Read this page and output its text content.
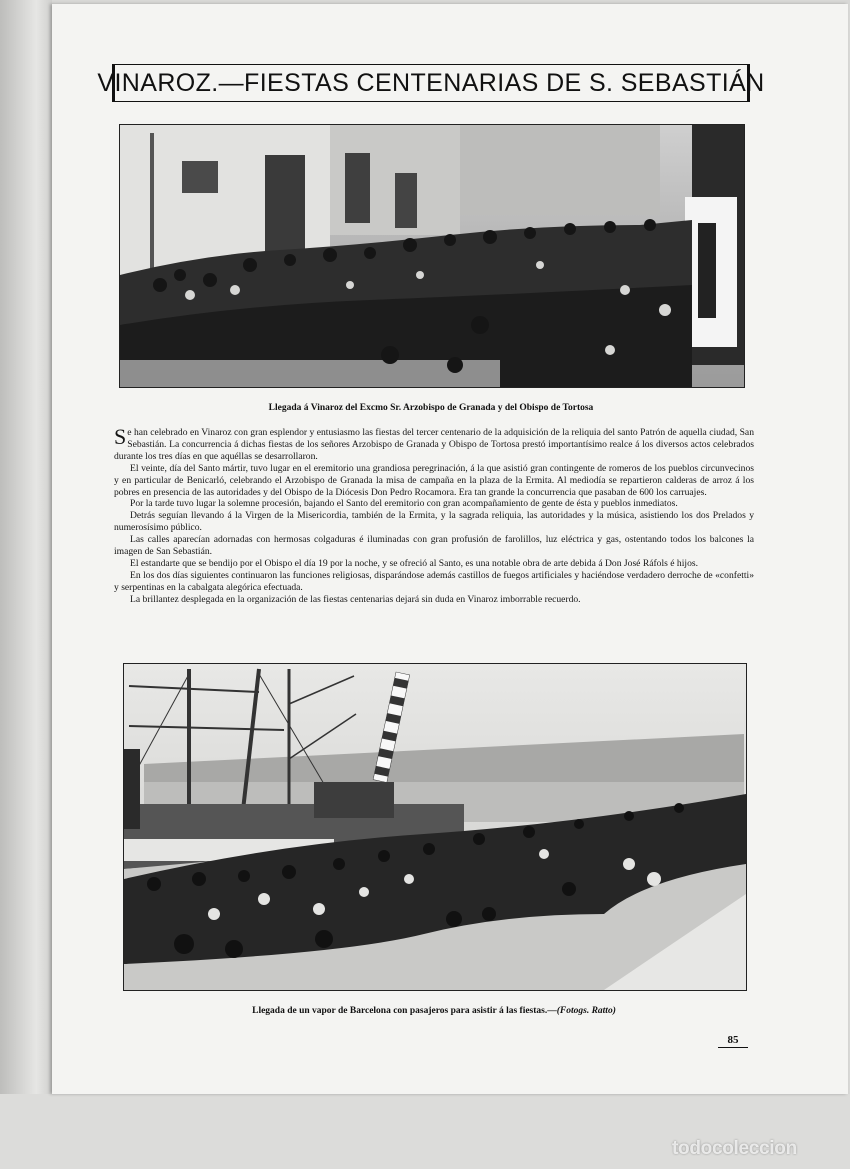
VINAROZ.—FIESTAS CENTENARIAS DE S. SEBASTIÁN
Llegada á Vinaroz del Excmo Sr. Arzobispo de Granada y del Obispo de Tortosa

Se han celebrado en Vinaroz con gran esplendor y entusiasmo las fiestas del tercer centenario de la adquisición de la reliquia del santo Patrón de aquella ciudad, San Sebastián. La concurrencia á dichas fiestas de los señores Arzobispo de Granada y Obispo de Tortosa prestó importantísimo realce á los diversos actos celebrados durante los tres días en que aquéllas se desarrollaron.

El veinte, día del Santo mártir, tuvo lugar en el eremitorio una grandiosa peregrinación, á la que asistió gran contingente de romeros de los pueblos circunvecinos y en particular de Benicarló, celebrando el Arzobispo de Granada la misa de campaña en la plaza de la Ermita. Al mediodía se repartieron calderas de arroz á los pobres en presencia de las autoridades y del Obispo de la Diócesis Don Pedro Rocamora. Era tan grande la concurrencia que pasaban de 600 los carruajes.

Por la tarde tuvo lugar la solemne procesión, bajando el Santo del eremitorio con gran acompañamiento de gente de ésta y pueblos inmediatos.

Detrás seguían llevando á la Virgen de la Misericordia, también de la Ermita, y la sagrada reliquia, las autoridades y la música, asistiendo los dos Prelados y numerosísimo público.

Las calles aparecían adornadas con hermosas colgaduras é iluminadas con gran profusión de farolillos, luz eléctrica y gas, ostentando todos los balcones la imagen de San Sebastián.

El estandarte que se bendijo por el Obispo el día 19 por la noche, y se ofreció al Santo, es una notable obra de arte debida á Don José Ráfols é hijos.

En los dos días siguientes continuaron las funciones religiosas, disparándose además castillos de fuegos artificiales y haciéndose verdadero derroche de «confetti» y serpentinas en la cabalgata alegórica efectuada.

La brillantez desplegada en la organización de las fiestas centenarias dejará sin duda en Vinaroz imborrable recuerdo.

Llegada de un vapor de Barcelona con pasajeros para asistir á las fiestas.—(Fotogs. Ratto)
85
todocoleccion
